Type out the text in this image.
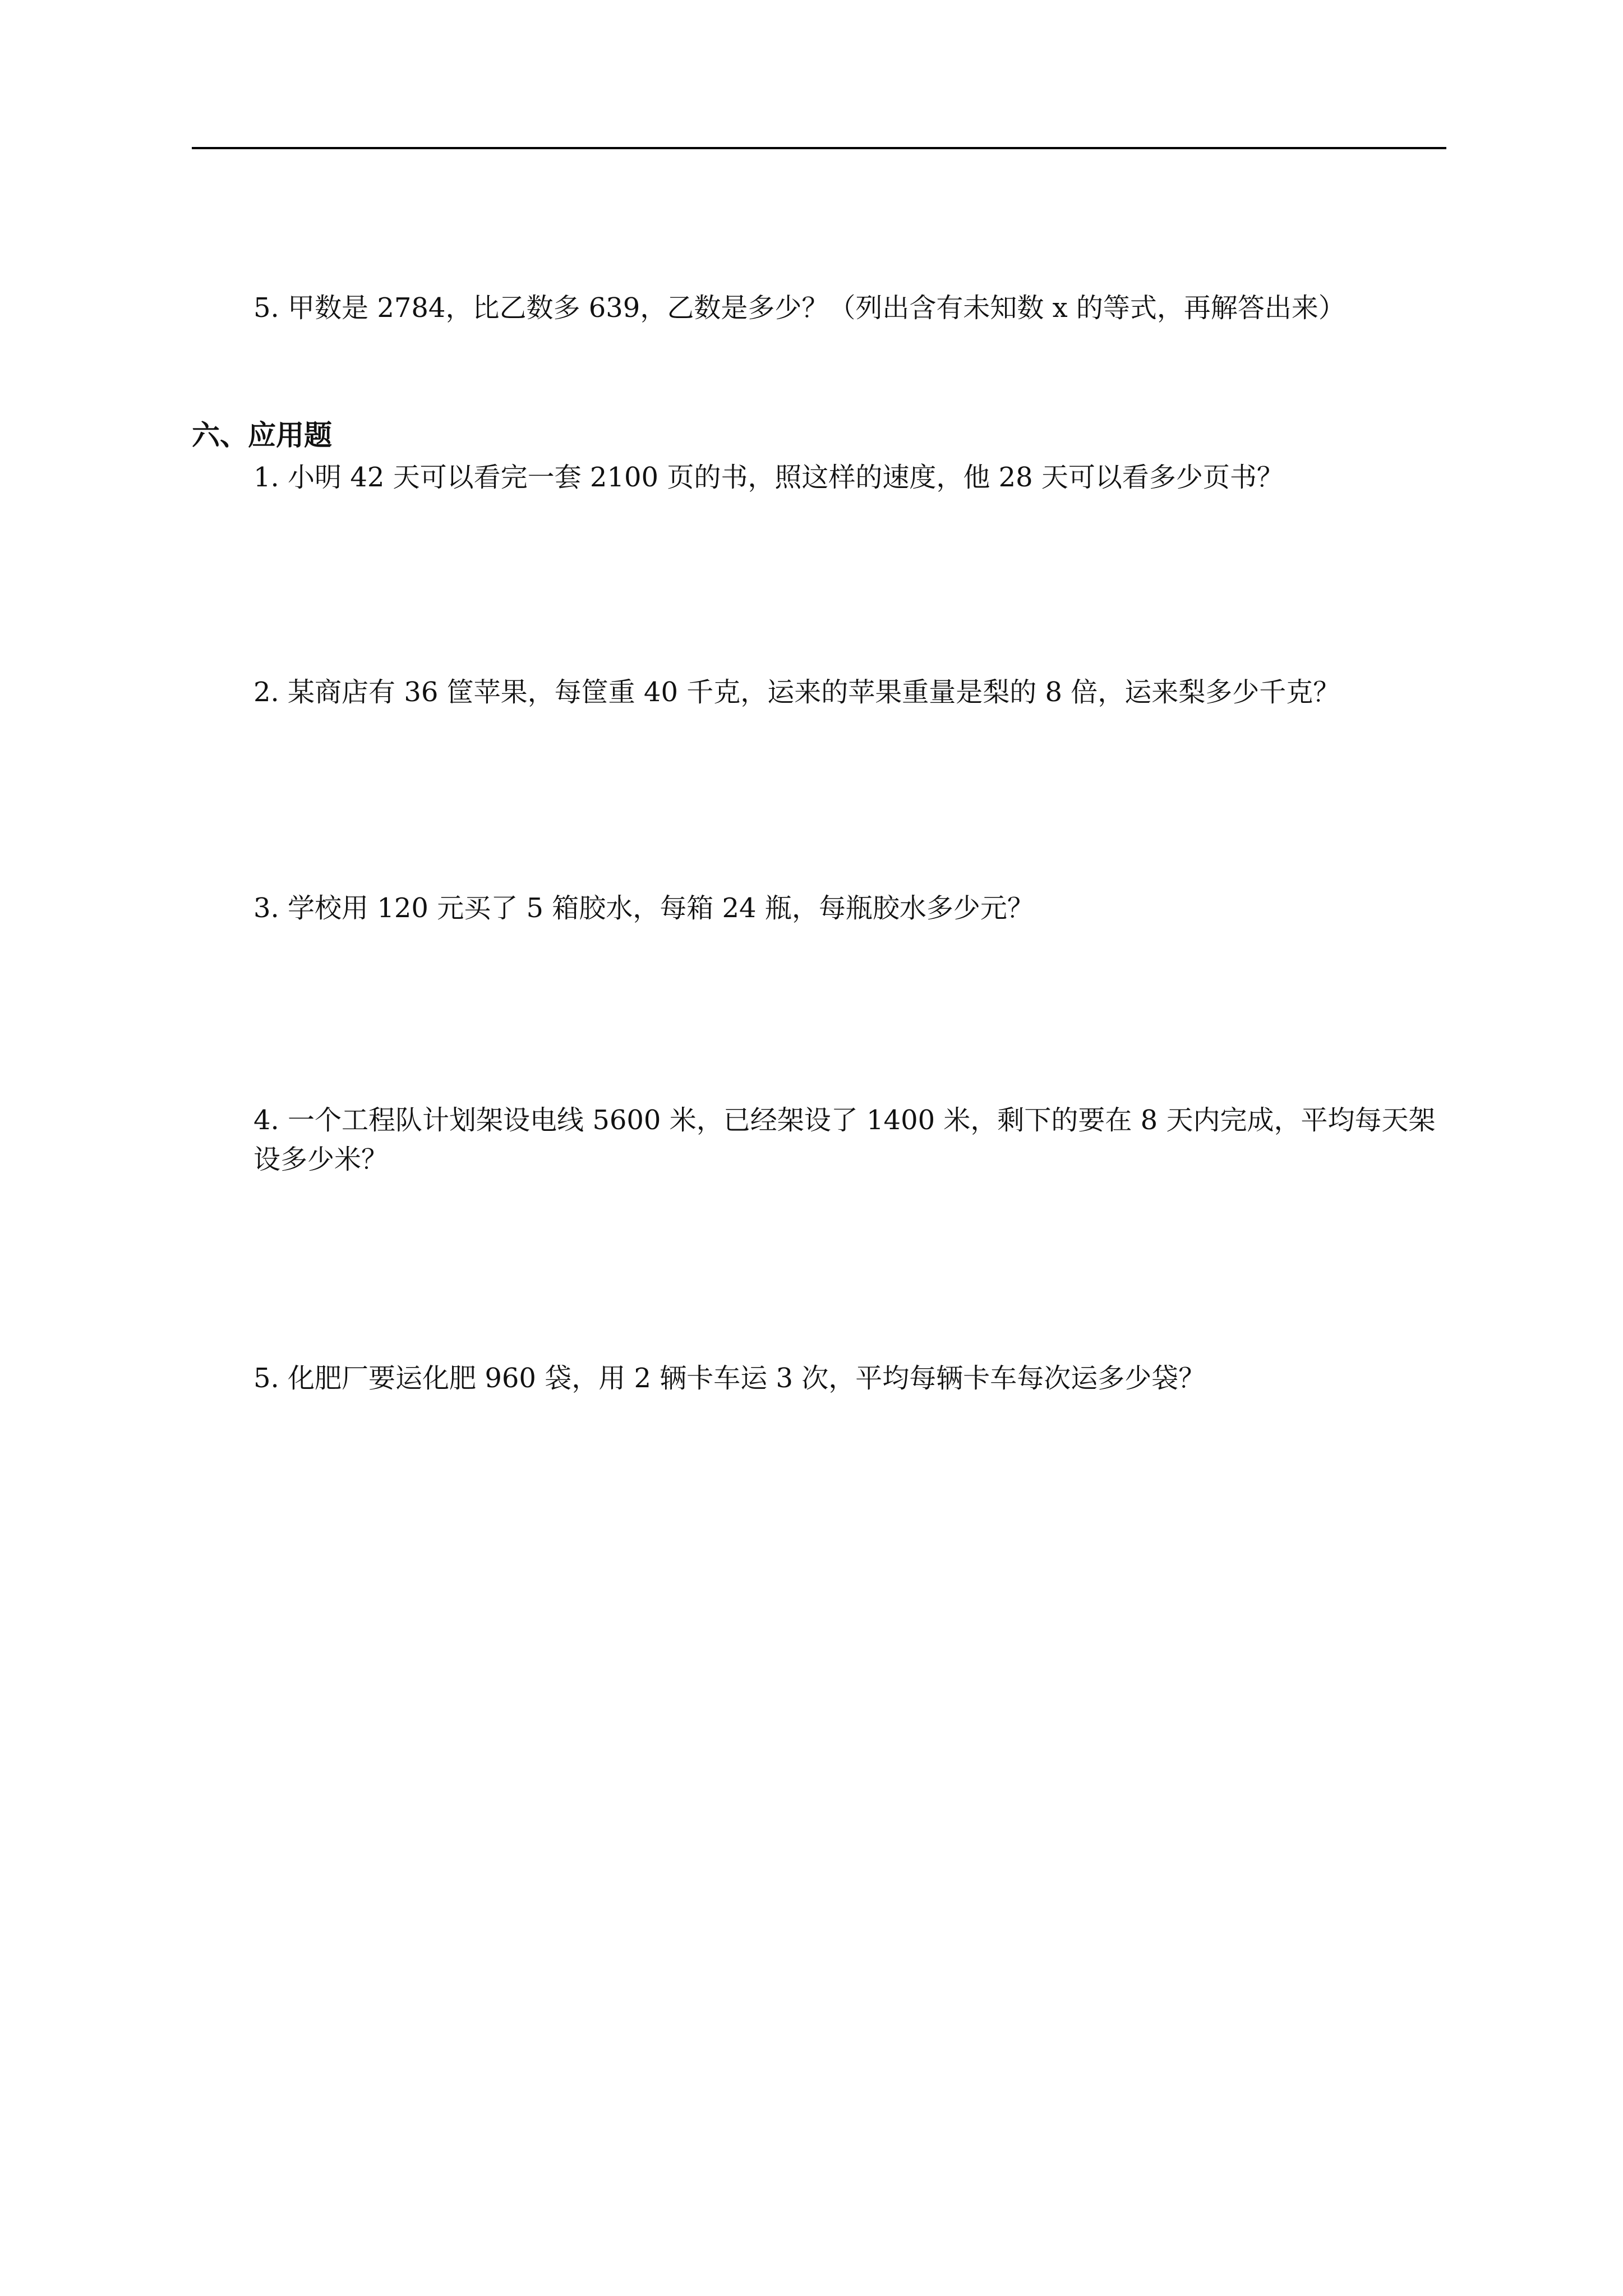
5. 甲数是 2784，比乙数多 639，乙数是多少？（列出含有未知数 x 的等式，再解答出来）
六、应用题
1. 小明 42 天可以看完一套 2100 页的书，照这样的速度，他 28 天可以看多少页书？
2. 某商店有 36 筐苹果，每筐重 40 千克，运来的苹果重量是梨的 8 倍，运来梨多少千克？
3. 学校用 120 元买了 5 箱胶水，每箱 24 瓶，每瓶胶水多少元？
4. 一个工程队计划架设电线 5600 米，已经架设了 1400 米，剩下的要在 8 天内完成，平均每天架设多少米？
5. 化肥厂要运化肥 960 袋，用 2 辆卡车运 3 次，平均每辆卡车每次运多少袋？
